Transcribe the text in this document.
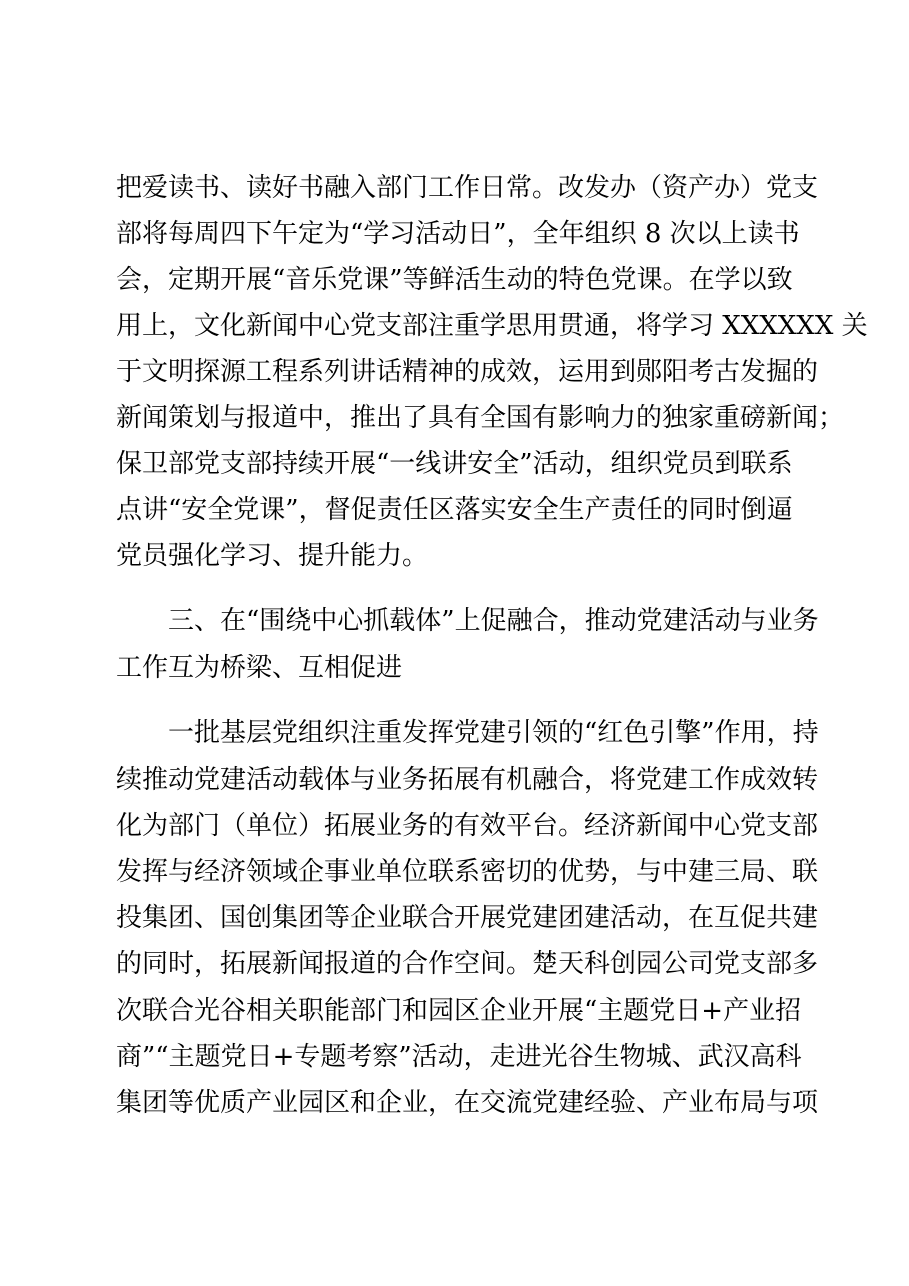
把爱读书、读好书融入部门工作日常。改发办（资产办）党支
部将每周四下午定为“学习活动日”，全年组织 8 次以上读书
会，定期开展“音乐党课”等鲜活生动的特色党课。在学以致
用上，文化新闻中心党支部注重学思用贯通，将学习 XXXXXX 关
于文明探源工程系列讲话精神的成效，运用到郧阳考古发掘的
新闻策划与报道中，推出了具有全国有影响力的独家重磅新闻；
保卫部党支部持续开展“一线讲安全”活动，组织党员到联系
点讲“安全党课”，督促责任区落实安全生产责任的同时倒逼
党员强化学习、提升能力。
三、在“围绕中心抓载体”上促融合，推动党建活动与业务
工作互为桥梁、互相促进
一批基层党组织注重发挥党建引领的“红色引擎”作用，持
续推动党建活动载体与业务拓展有机融合，将党建工作成效转
化为部门（单位）拓展业务的有效平台。经济新闻中心党支部
发挥与经济领域企事业单位联系密切的优势，与中建三局、联
投集团、国创集团等企业联合开展党建团建活动，在互促共建
的同时，拓展新闻报道的合作空间。楚天科创园公司党支部多
次联合光谷相关职能部门和园区企业开展“主题党日+产业招
商”“主题党日+专题考察”活动，走进光谷生物城、武汉高科
集团等优质产业园区和企业，在交流党建经验、产业布局与项
